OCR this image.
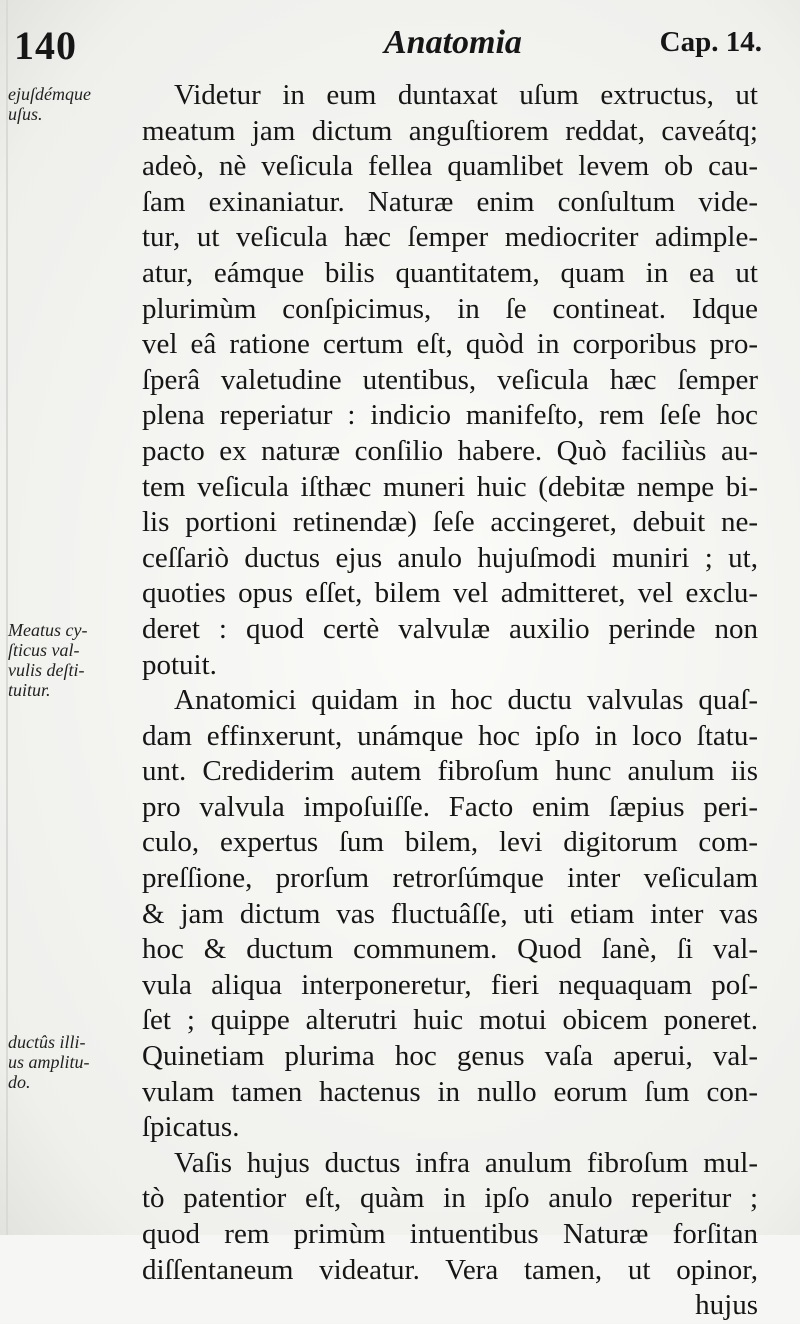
140	Anatomia	Cap. 14.
ejuſdémque
uſus.
Meatus cy-
ſticus val-
vulis deſti-
tuitur.
ductûs illi-
us amplitu-
do.
Videtur in eum duntaxat uſum extructus, ut
meatum jam dictum anguſtiorem reddat, caveátq;
adeò, nè veſicula fellea quamlibet levem ob cau-
ſam exinaniatur. Naturæ enim conſultum vide-
tur, ut veſicula hæc ſemper mediocriter adimple-
atur, eámque bilis quantitatem, quam in ea ut
plurimùm conſpicimus, in ſe contineat. Idque
vel eâ ratione certum eſt, quòd in corporibus pro-
ſperâ valetudine utentibus, veſicula hæc ſemper
plena reperiatur : indicio manifeſto, rem ſeſe hoc
pacto ex naturæ conſilio habere. Quò faciliùs au-
tem veſicula iſthæc muneri huic (debitæ nempe bi-
lis portioni retinendæ) ſeſe accingeret, debuit ne-
ceſſariò ductus ejus anulo hujuſmodi muniri ; ut,
quoties opus eſſet, bilem vel admitteret, vel exclu-
deret : quod certè valvulæ auxilio perinde non
potuit.
Anatomici quidam in hoc ductu valvulas quaſ-
dam effinxerunt, unámque hoc ipſo in loco ſtatu-
unt. Crediderim autem fibroſum hunc anulum iis
pro valvula impoſuiſſe. Facto enim ſæpius peri-
culo, expertus ſum bilem, levi digitorum com-
preſſione, prorſum retrorſúmque inter veſiculam
& jam dictum vas fluctuâſſe, uti etiam inter vas
hoc & ductum communem. Quod ſanè, ſi val-
vula aliqua interponeretur, fieri nequaquam poſ-
ſet ; quippe alterutri huic motui obicem poneret.
Quinetiam plurima hoc genus vaſa aperui, val-
vulam tamen hactenus in nullo eorum ſum con-
ſpicatus.
Vaſis hujus ductus infra anulum fibroſum mul-
tò patentior eſt, quàm in ipſo anulo reperitur ;
quod rem primùm intuentibus Naturæ forſitan
diſſentaneum videatur. Vera tamen, ut opinor,
hujus
